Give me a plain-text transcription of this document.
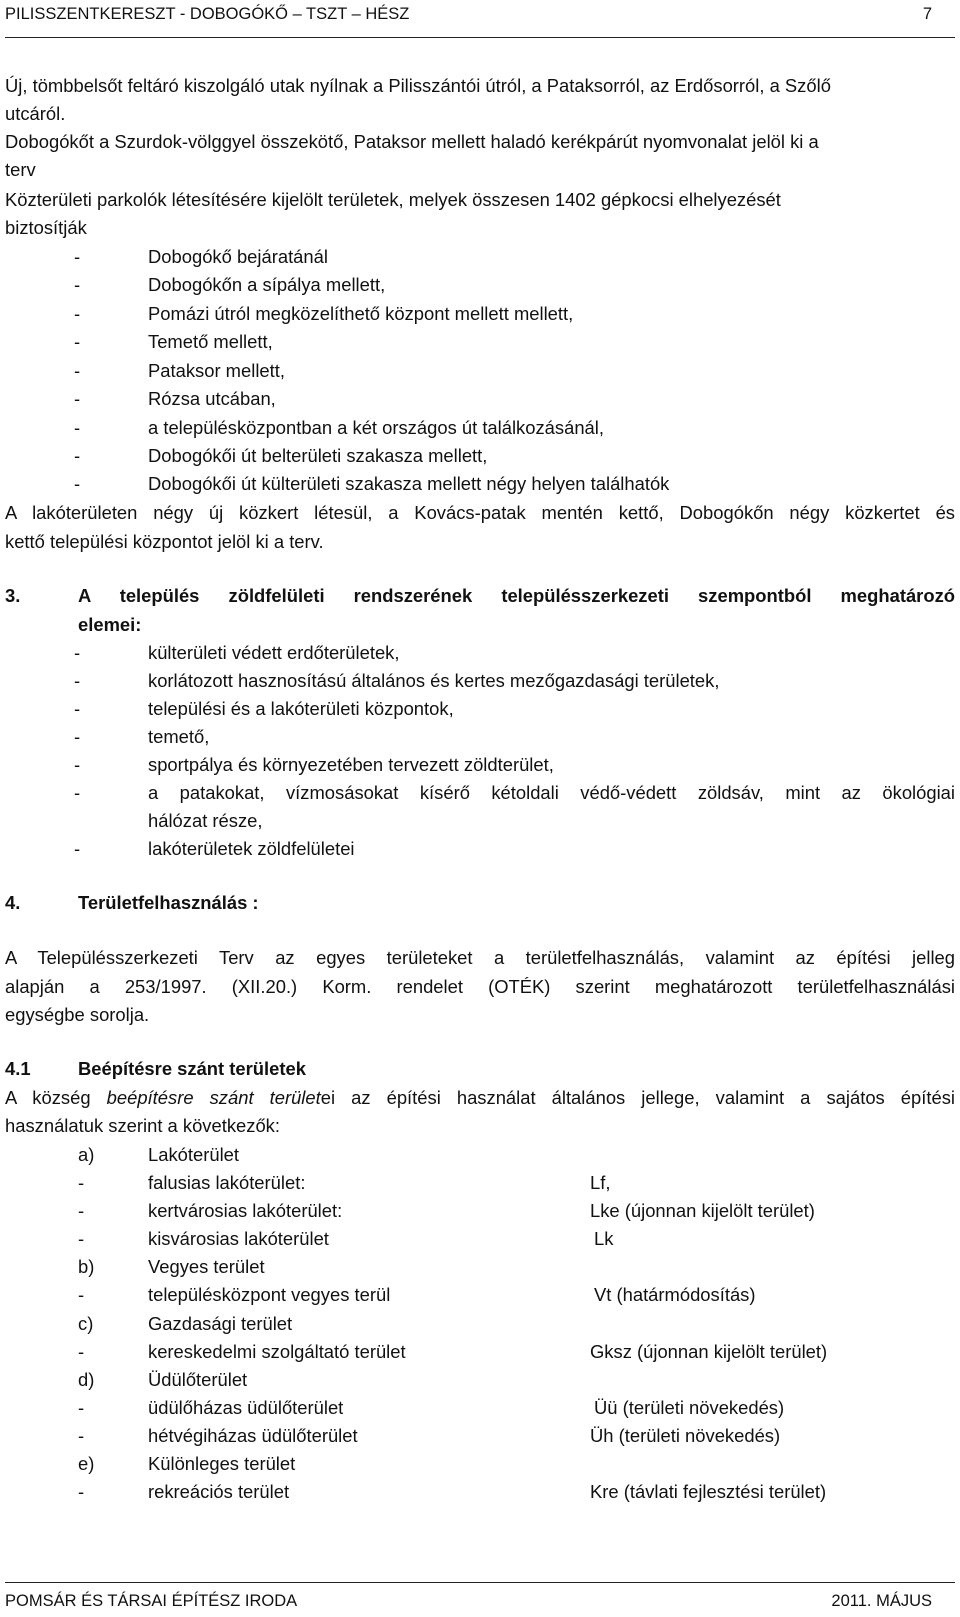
PILISSZENTKERESZT - DOBOGÓKŐ – TSZT – HÉSZ	7
Új, tömbbelsőt feltáró kiszolgáló utak nyílnak a Pilisszántói útról, a Pataksorról, az Erdősorról, a Szőlő
utcáról.
Dobogókőt a Szurdok-völggyel összekötő, Pataksor mellett haladó kerékpárút nyomvonalat jelöl ki a
terv
Közterületi parkolók létesítésére kijelölt területek, melyek összesen 1402 gépkocsi elhelyezését
biztosítják
-	Dobogókő bejáratánál
-	Dobogókőn a sípálya mellett,
-	Pomázi útról megközelíthető központ mellett mellett,
-	Temető mellett,
-	Pataksor mellett,
-	Rózsa utcában,
-	a településközpontban a két országos út találkozásánál,
-	Dobogókői út belterületi szakasza mellett,
-	Dobogókői út külterületi szakasza mellett négy helyen találhatók
A lakóterületen négy új közkert létesül, a Kovács-patak mentén kettő, Dobogókőn négy közkertet és
kettő települési központot jelöl ki a terv.
3.	A település zöldfelületi rendszerének településszerkezeti szempontból meghatározó
elemei:
-	külterületi védett erdőterületek,
-	korlátozott hasznosítású általános és kertes mezőgazdasági területek,
-	települési és a lakóterületi központok,
-	temető,
-	sportpálya és környezetében tervezett zöldterület,
-	a patakokat, vízmosásokat kísérő kétoldali védő-védett zöldsáv, mint az ökológiai
hálózat része,
-	lakóterületek zöldfelületei
4.	Területfelhasználás :
A Településszerkezeti Terv az egyes területeket a területfelhasználás, valamint az építési jelleg
alapján a 253/1997. (XII.20.) Korm. rendelet (OTÉK) szerint meghatározott területfelhasználási
egységbe sorolja.
4.1	Beépítésre szánt területek
A község beépítésre szánt területei az építési használat általános jellege, valamint a sajátos építési
használatuk szerint a következők:
a)	Lakóterület
-	falusias lakóterület:	Lf,
-	kertvárosias lakóterület:	Lke (újonnan kijelölt terület)
-	kisvárosias lakóterület	Lk
b)	Vegyes terület
-	településközpont vegyes terül	Vt (határmódosítás)
c)	Gazdasági terület
-	kereskedelmi szolgáltató terület	Gksz (újonnan kijelölt terület)
d)	Üdülőterület
-	üdülőházas üdülőterület	Üü (területi növekedés)
-	hétvégiházas üdülőterület	Üh (területi növekedés)
e)	Különleges terület
-	rekreációs terület	Kre (távlati fejlesztési terület)
POMSÁR ÉS TÁRSAI ÉPÍTÉSZ IRODA	2011. MÁJUS
